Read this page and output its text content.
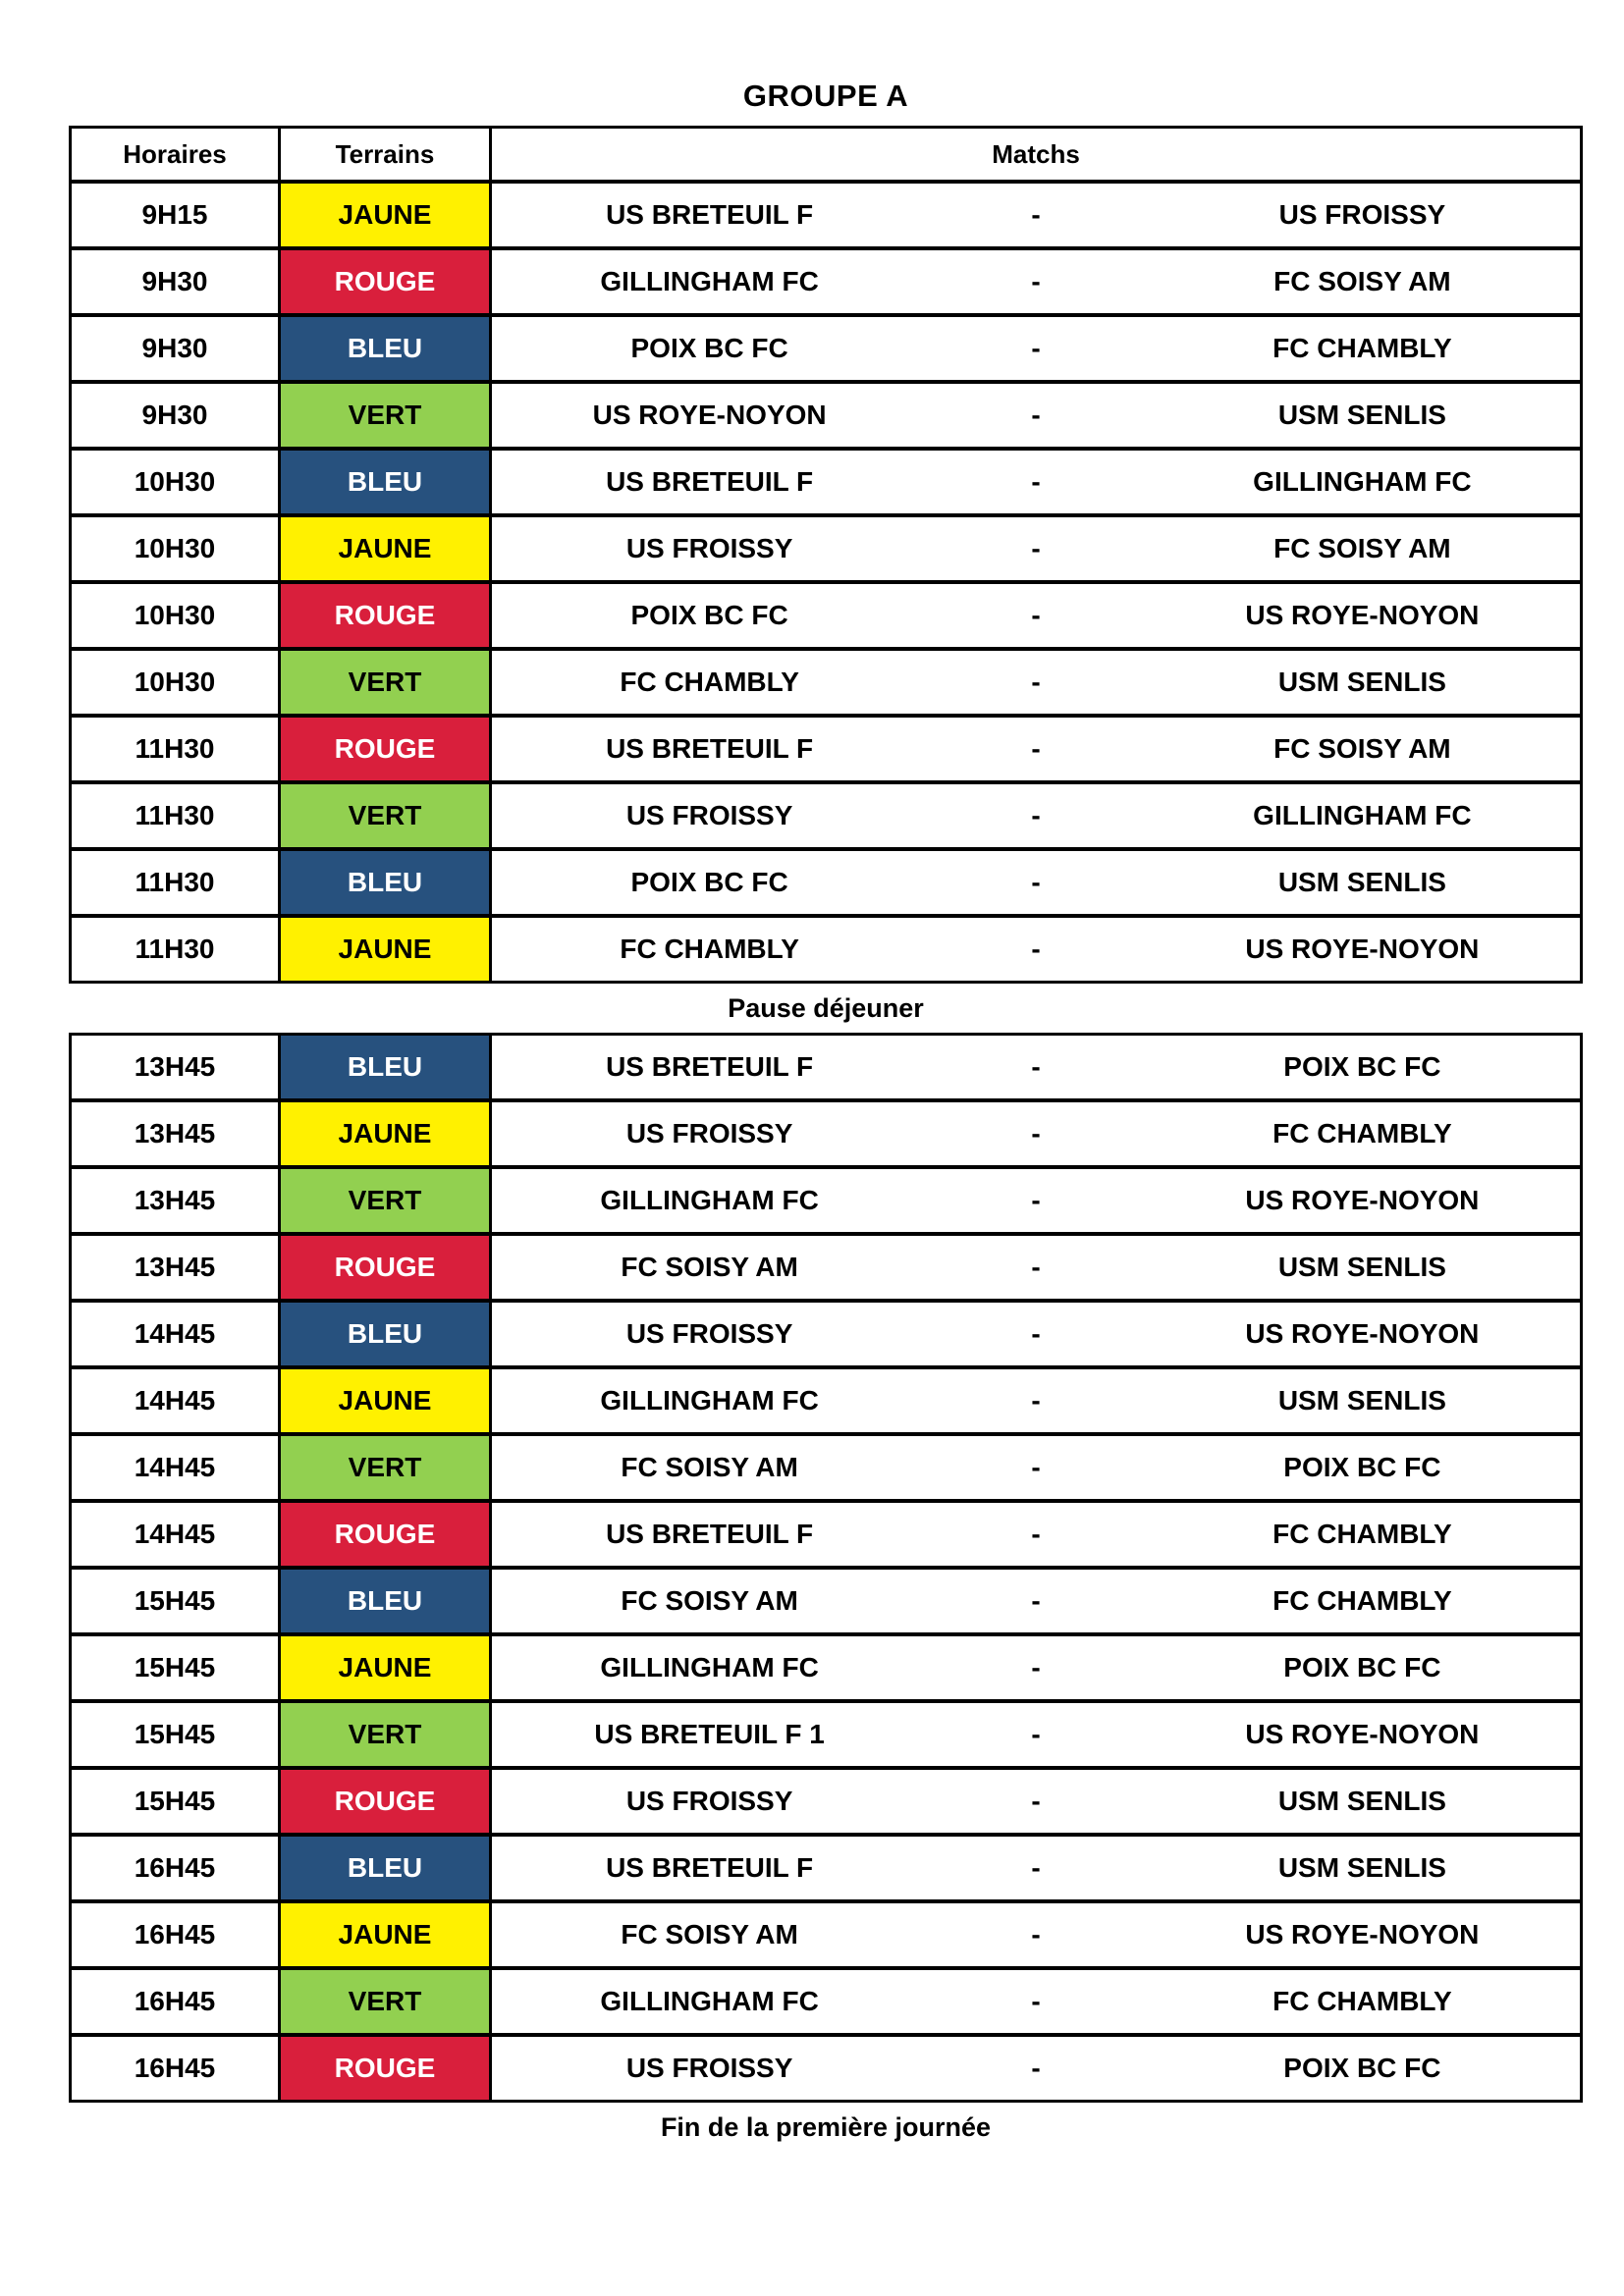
GROUPE A
Horaires	Terrains	Matchs
9H15	JAUNE	US BRETEUIL F	-	US FROISSY
9H30	ROUGE	GILLINGHAM FC	-	FC SOISY AM
9H30	BLEU	POIX BC FC	-	FC CHAMBLY
9H30	VERT	US ROYE-NOYON	-	USM SENLIS
10H30	BLEU	US BRETEUIL F	-	GILLINGHAM FC
10H30	JAUNE	US FROISSY	-	FC SOISY AM
10H30	ROUGE	POIX BC FC	-	US ROYE-NOYON
10H30	VERT	FC CHAMBLY	-	USM SENLIS
11H30	ROUGE	US BRETEUIL F	-	FC SOISY AM
11H30	VERT	US FROISSY	-	GILLINGHAM FC
11H30	BLEU	POIX BC FC	-	USM SENLIS
11H30	JAUNE	FC CHAMBLY	-	US ROYE-NOYON
Pause déjeuner
13H45	BLEU	US BRETEUIL F	-	POIX BC FC
13H45	JAUNE	US FROISSY	-	FC CHAMBLY
13H45	VERT	GILLINGHAM FC	-	US ROYE-NOYON
13H45	ROUGE	FC SOISY AM	-	USM SENLIS
14H45	BLEU	US FROISSY	-	US ROYE-NOYON
14H45	JAUNE	GILLINGHAM FC	-	USM SENLIS
14H45	VERT	FC SOISY AM	-	POIX BC FC
14H45	ROUGE	US BRETEUIL F	-	FC CHAMBLY
15H45	BLEU	FC SOISY AM	-	FC CHAMBLY
15H45	JAUNE	GILLINGHAM FC	-	POIX BC FC
15H45	VERT	US BRETEUIL F 1	-	US ROYE-NOYON
15H45	ROUGE	US FROISSY	-	USM SENLIS
16H45	BLEU	US BRETEUIL F	-	USM SENLIS
16H45	JAUNE	FC SOISY AM	-	US ROYE-NOYON
16H45	VERT	GILLINGHAM FC	-	FC CHAMBLY
16H45	ROUGE	US FROISSY	-	POIX BC FC
Fin de la première journée
